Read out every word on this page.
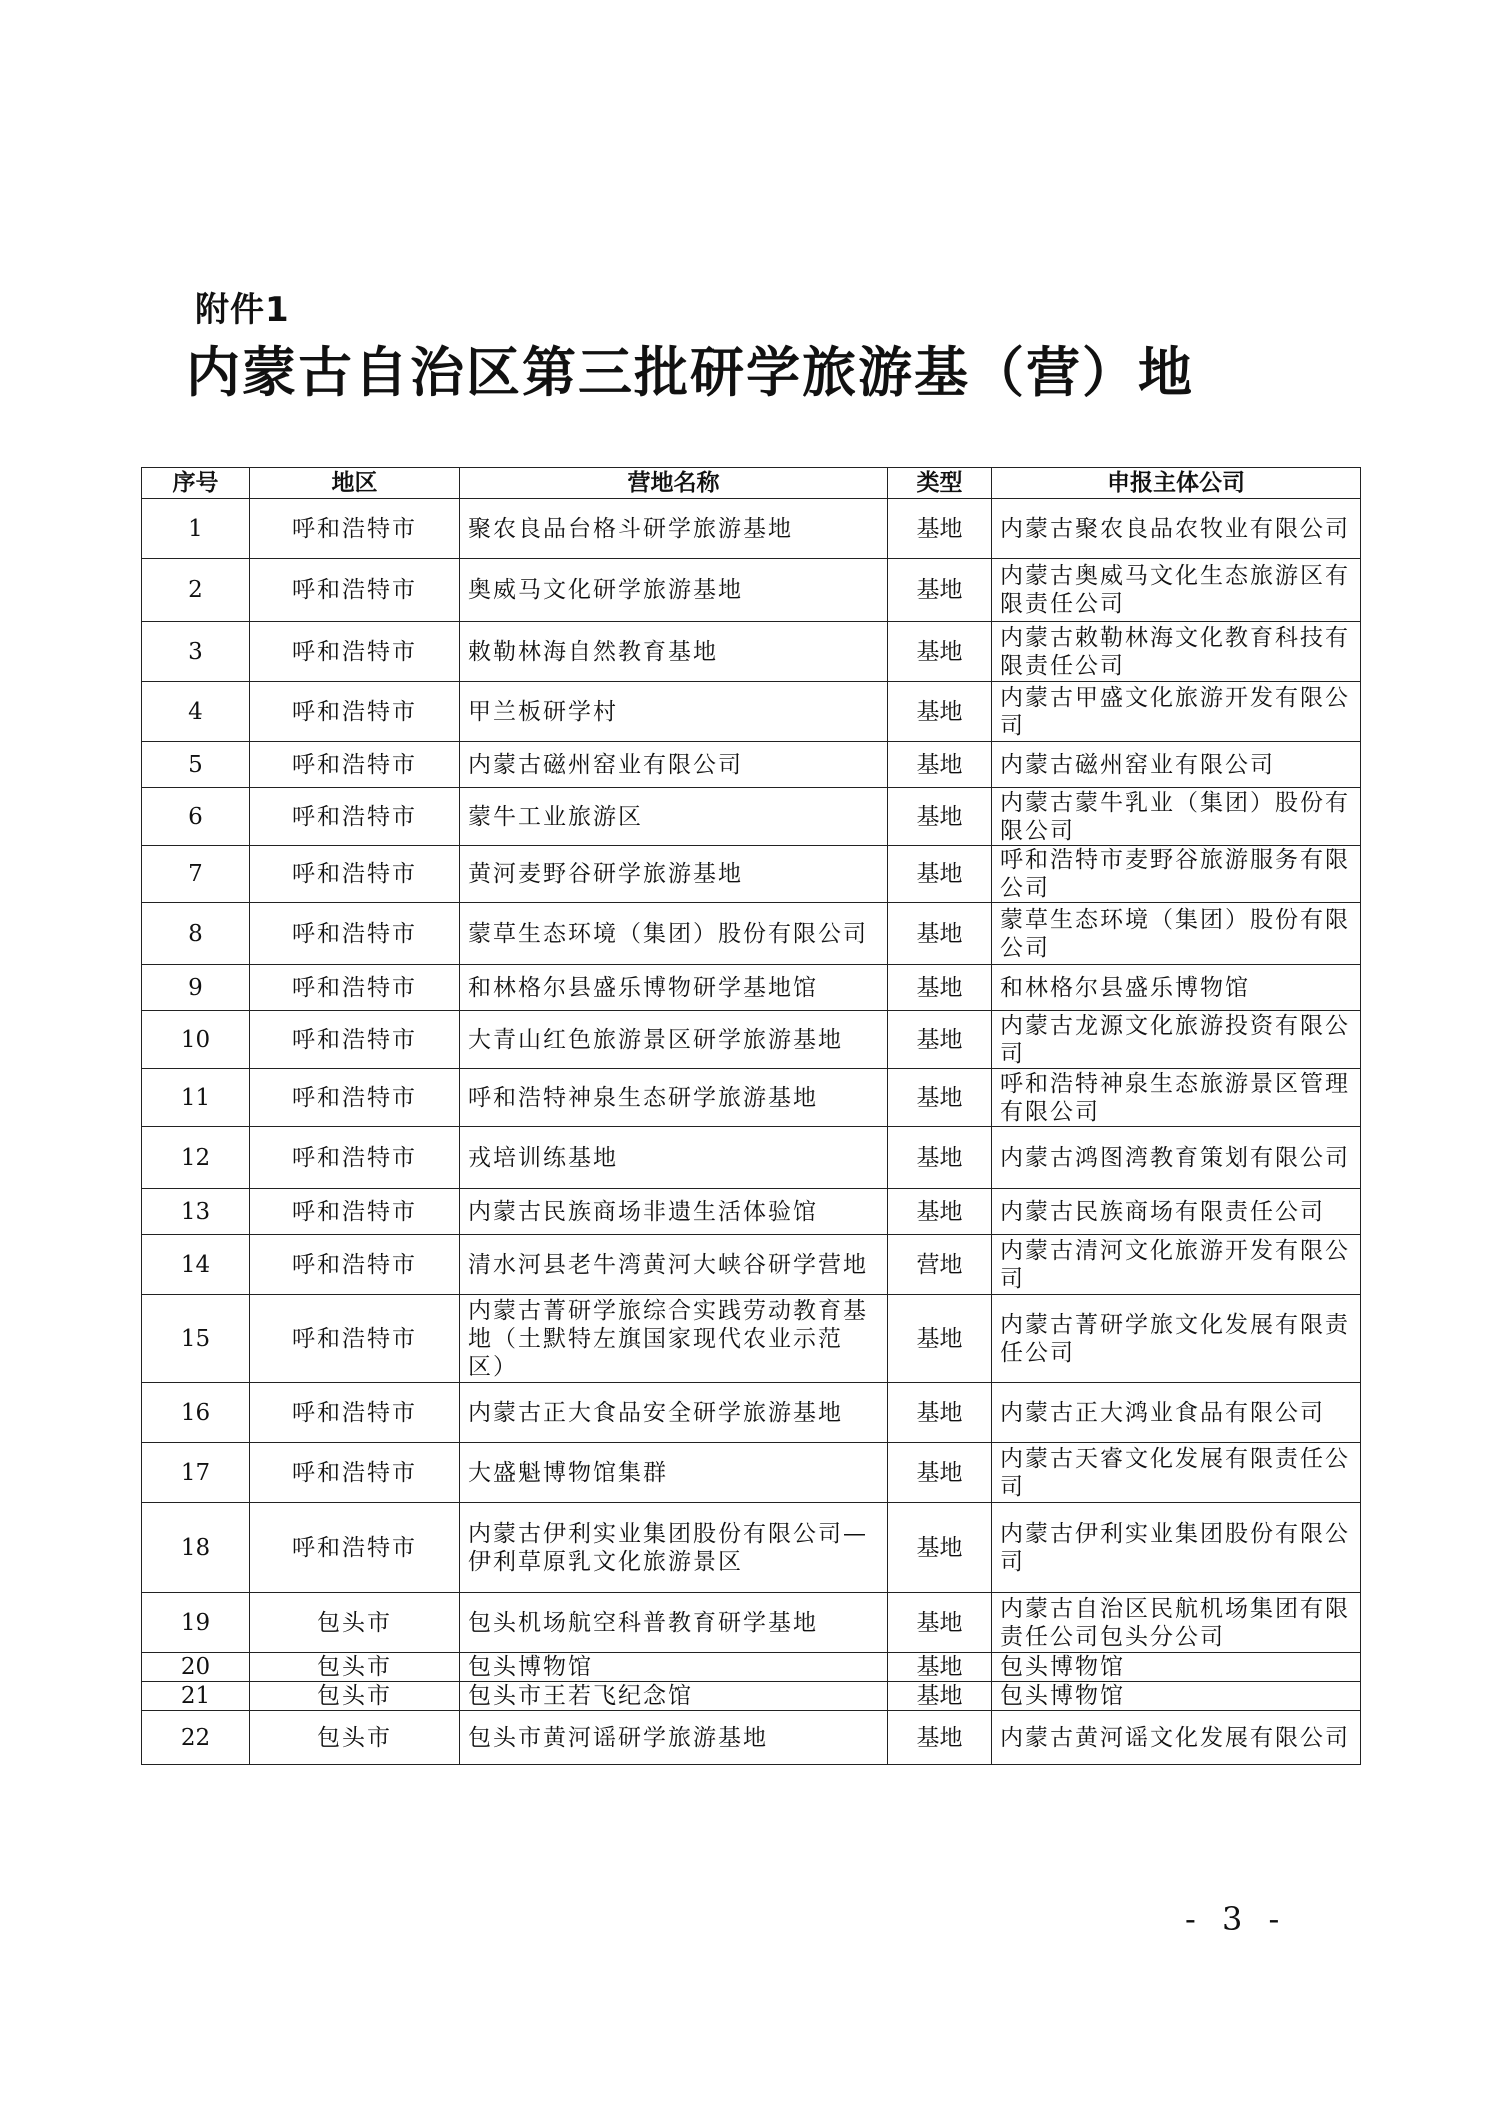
附件1
内蒙古自治区第三批研学旅游基（营）地
序号	地区	营地名称	类型	申报主体公司
1	呼和浩特市	聚农良品台格斗研学旅游基地	基地	内蒙古聚农良品农牧业有限公司
2	呼和浩特市	奥威马文化研学旅游基地	基地	内蒙古奥威马文化生态旅游区有限责任公司
3	呼和浩特市	敕勒林海自然教育基地	基地	内蒙古敕勒林海文化教育科技有限责任公司
4	呼和浩特市	甲兰板研学村	基地	内蒙古甲盛文化旅游开发有限公司
5	呼和浩特市	内蒙古磁州窑业有限公司	基地	内蒙古磁州窑业有限公司
6	呼和浩特市	蒙牛工业旅游区	基地	内蒙古蒙牛乳业（集团）股份有限公司
7	呼和浩特市	黄河麦野谷研学旅游基地	基地	呼和浩特市麦野谷旅游服务有限公司
8	呼和浩特市	蒙草生态环境（集团）股份有限公司	基地	蒙草生态环境（集团）股份有限公司
9	呼和浩特市	和林格尔县盛乐博物研学基地馆	基地	和林格尔县盛乐博物馆
10	呼和浩特市	大青山红色旅游景区研学旅游基地	基地	内蒙古龙源文化旅游投资有限公司
11	呼和浩特市	呼和浩特神泉生态研学旅游基地	基地	呼和浩特神泉生态旅游景区管理有限公司
12	呼和浩特市	戎培训练基地	基地	内蒙古鸿图湾教育策划有限公司
13	呼和浩特市	内蒙古民族商场非遗生活体验馆	基地	内蒙古民族商场有限责任公司
14	呼和浩特市	清水河县老牛湾黄河大峡谷研学营地	营地	内蒙古清河文化旅游开发有限公司
15	呼和浩特市	内蒙古菁研学旅综合实践劳动教育基地（土默特左旗国家现代农业示范区）	基地	内蒙古菁研学旅文化发展有限责任公司
16	呼和浩特市	内蒙古正大食品安全研学旅游基地	基地	内蒙古正大鸿业食品有限公司
17	呼和浩特市	大盛魁博物馆集群	基地	内蒙古天睿文化发展有限责任公司
18	呼和浩特市	内蒙古伊利实业集团股份有限公司—伊利草原乳文化旅游景区	基地	内蒙古伊利实业集团股份有限公司
19	包头市	包头机场航空科普教育研学基地	基地	内蒙古自治区民航机场集团有限责任公司包头分公司
20	包头市	包头博物馆	基地	包头博物馆
21	包头市	包头市王若飞纪念馆	基地	包头博物馆
22	包头市	包头市黄河谣研学旅游基地	基地	内蒙古黄河谣文化发展有限公司
- 3 -
